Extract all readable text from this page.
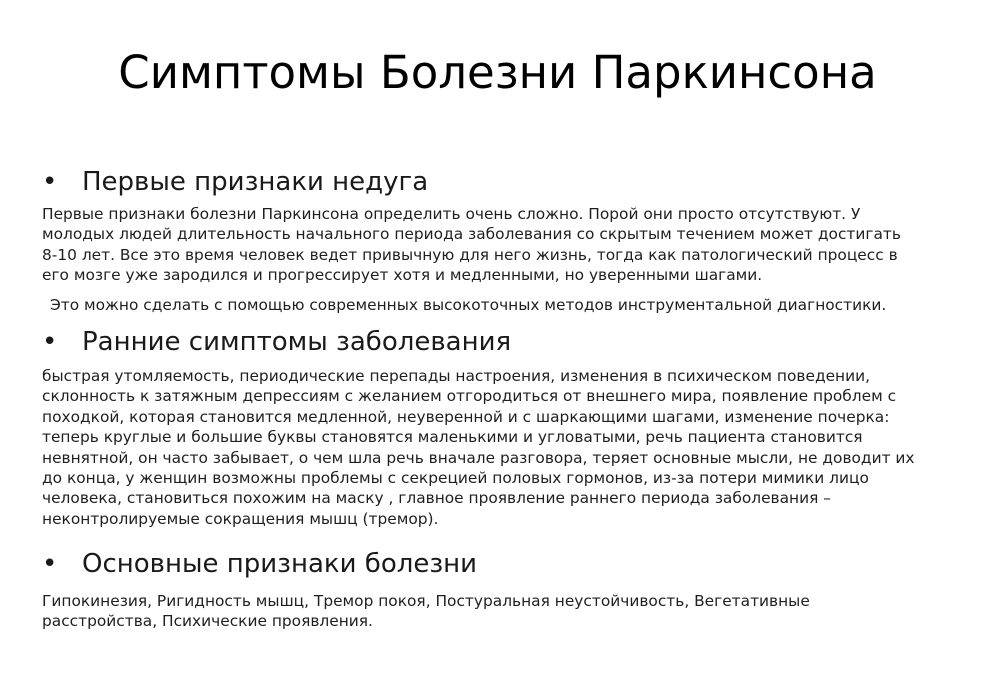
Симптомы Болезни Паркинсона
• Первые признаки недуга
Первые признаки болезни Паркинсона определить очень сложно. Порой они просто отсутствуют. У
молодых людей длительность начального периода заболевания со скрытым течением может достигать
8-10 лет. Все это время человек ведет привычную для него жизнь, тогда как патологический процесс в
его мозге уже зародился и прогрессирует хотя и медленными, но уверенными шагами.
Это можно сделать с помощью современных высокоточных методов инструментальной диагностики.
• Ранние симптомы заболевания
быстрая утомляемость, периодические перепады настроения, изменения в психическом поведении,
склонность к затяжным депрессиям с желанием отгородиться от внешнего мира, появление проблем с
походкой, которая становится медленной, неуверенной и с шаркающими шагами, изменение почерка:
теперь круглые и большие буквы становятся маленькими и угловатыми, речь пациента становится
невнятной, он часто забывает, о чем шла речь вначале разговора, теряет основные мысли, не доводит их
до конца, у женщин возможны проблемы с секрецией половых гормонов, из-за потери мимики лицо
человека, становиться похожим на маску , главное проявление раннего периода заболевания –
неконтролируемые сокращения мышц (тремор).
• Основные признаки болезни
Гипокинезия, Ригидность мышц, Тремор покоя, Постуральная неустойчивость, Вегетативные
расстройства, Психические проявления.
